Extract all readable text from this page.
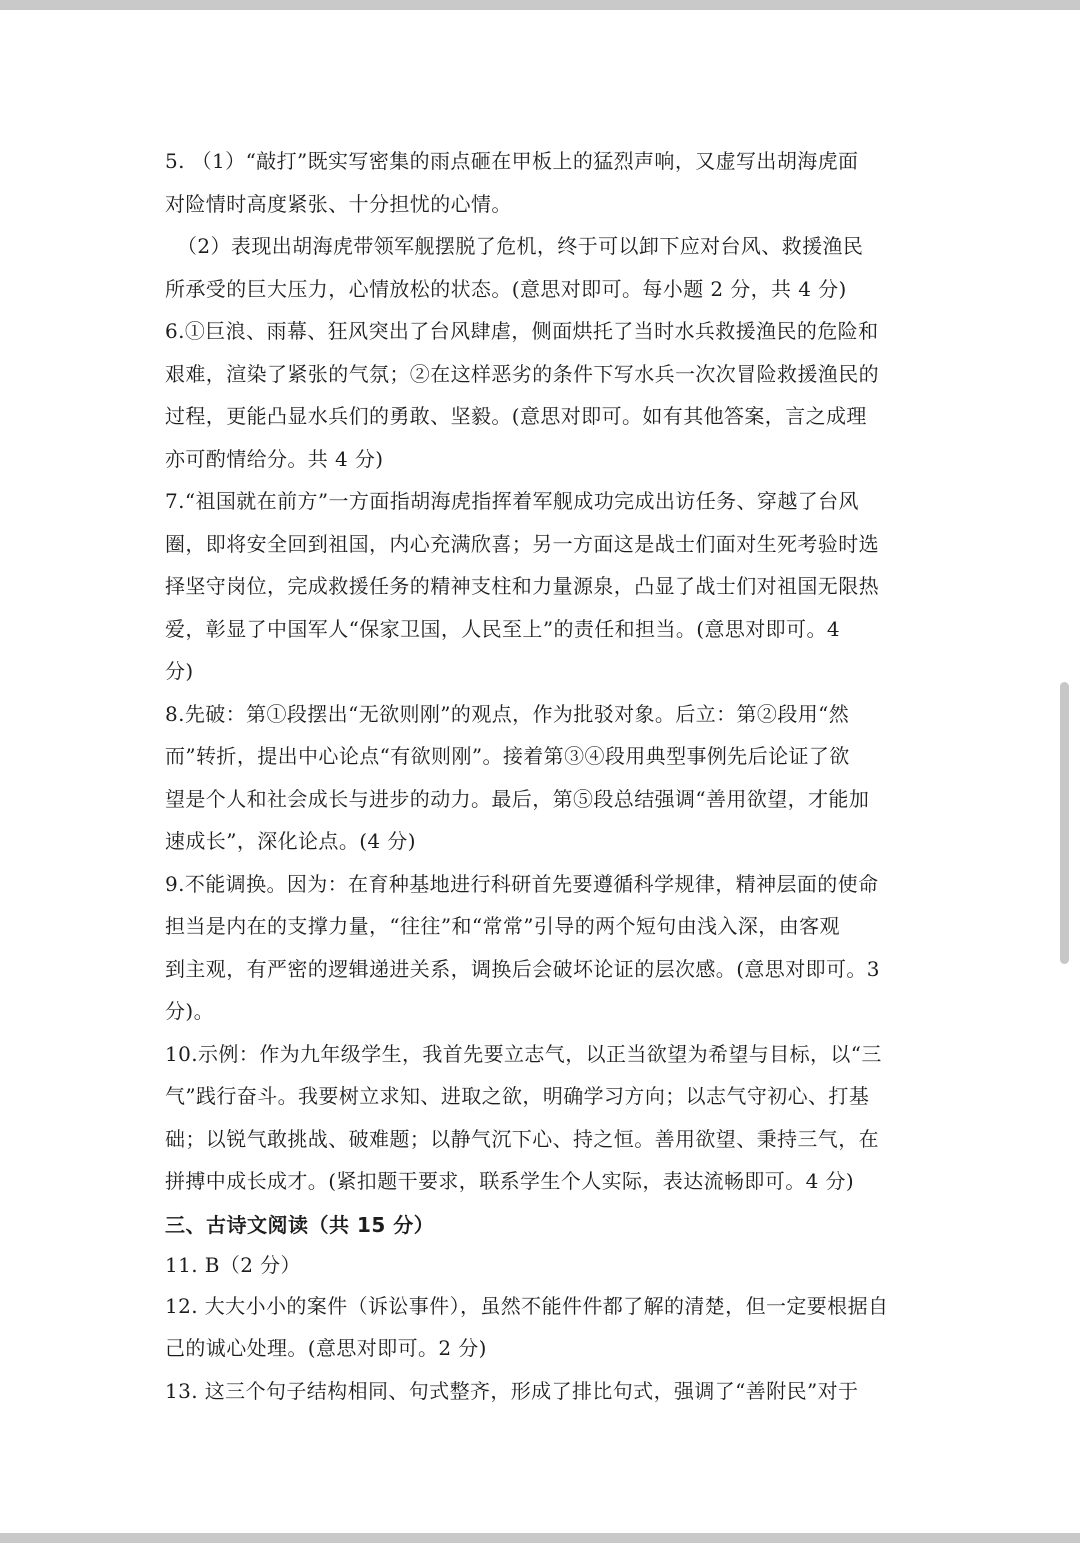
5. （1）“敲打”既实写密集的雨点砸在甲板上的猛烈声响，又虚写出胡海虎面
对险情时高度紧张、十分担忧的心情。
（2）表现出胡海虎带领军舰摆脱了危机，终于可以卸下应对台风、救援渔民
所承受的巨大压力，心情放松的状态。(意思对即可。每小题 2 分，共 4 分)
6.①巨浪、雨幕、狂风突出了台风肆虐，侧面烘托了当时水兵救援渔民的危险和
艰难，渲染了紧张的气氛；②在这样恶劣的条件下写水兵一次次冒险救援渔民的
过程，更能凸显水兵们的勇敢、坚毅。(意思对即可。如有其他答案，言之成理
亦可酌情给分。共 4 分)
7.“祖国就在前方”一方面指胡海虎指挥着军舰成功完成出访任务、穿越了台风
圈，即将安全回到祖国，内心充满欣喜；另一方面这是战士们面对生死考验时选
择坚守岗位，完成救援任务的精神支柱和力量源泉，凸显了战士们对祖国无限热
爱，彰显了中国军人“保家卫国，人民至上”的责任和担当。(意思对即可。4
分)
8.先破：第①段摆出“无欲则刚”的观点，作为批驳对象。后立：第②段用“然
而”转折，提出中心论点“有欲则刚”。接着第③④段用典型事例先后论证了欲
望是个人和社会成长与进步的动力。最后，第⑤段总结强调“善用欲望，才能加
速成长”，深化论点。(4 分)
9.不能调换。因为：在育种基地进行科研首先要遵循科学规律，精神层面的使命
担当是内在的支撑力量，“往往”和“常常”引导的两个短句由浅入深，由客观
到主观，有严密的逻辑递进关系，调换后会破坏论证的层次感。(意思对即可。3
分)。
10.示例：作为九年级学生，我首先要立志气，以正当欲望为希望与目标，以“三
气”践行奋斗。我要树立求知、进取之欲，明确学习方向；以志气守初心、打基
础；以锐气敢挑战、破难题；以静气沉下心、持之恒。善用欲望、秉持三气，在
拼搏中成长成才。(紧扣题干要求，联系学生个人实际，表达流畅即可。4 分)
三、古诗文阅读（共 15 分）
11. B（2 分）
12. 大大小小的案件（诉讼事件），虽然不能件件都了解的清楚，但一定要根据自
己的诚心处理。(意思对即可。2 分)
13. 这三个句子结构相同、句式整齐，形成了排比句式，强调了“善附民”对于
